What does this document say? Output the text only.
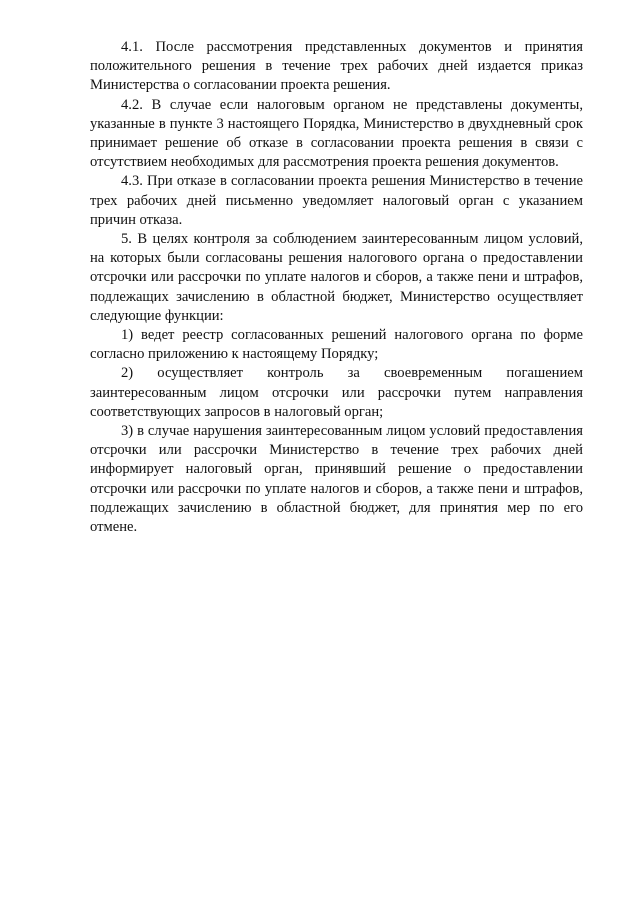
4.1. После рассмотрения представленных документов и принятия положительного решения в течение трех рабочих дней издается приказ Министерства о согласовании проекта решения.

4.2. В случае если налоговым органом не представлены документы, указанные в пункте 3 настоящего Порядка, Министерство в двухдневный срок принимает решение об отказе в согласовании проекта решения в связи с отсутствием необходимых для рассмотрения проекта решения документов.

4.3. При отказе в согласовании проекта решения Министерство в течение трех рабочих дней письменно уведомляет налоговый орган с указанием причин отказа.

5. В целях контроля за соблюдением заинтересованным лицом условий, на которых были согласованы решения налогового органа о предоставлении отсрочки или рассрочки по уплате налогов и сборов, а также пени и штрафов, подлежащих зачислению в областной бюджет, Министерство осуществляет следующие функции:

1) ведет реестр согласованных решений налогового органа по форме согласно приложению к настоящему Порядку;

2) осуществляет контроль за своевременным погашением заинтересованным лицом отсрочки или рассрочки путем направления соответствующих запросов в налоговый орган;

3) в случае нарушения заинтересованным лицом условий предоставления отсрочки или рассрочки Министерство в течение трех рабочих дней информирует налоговый орган, принявший решение о предоставлении отсрочки или рассрочки по уплате налогов и сборов, а также пени и штрафов, подлежащих зачислению в областной бюджет, для принятия мер по его отмене.
